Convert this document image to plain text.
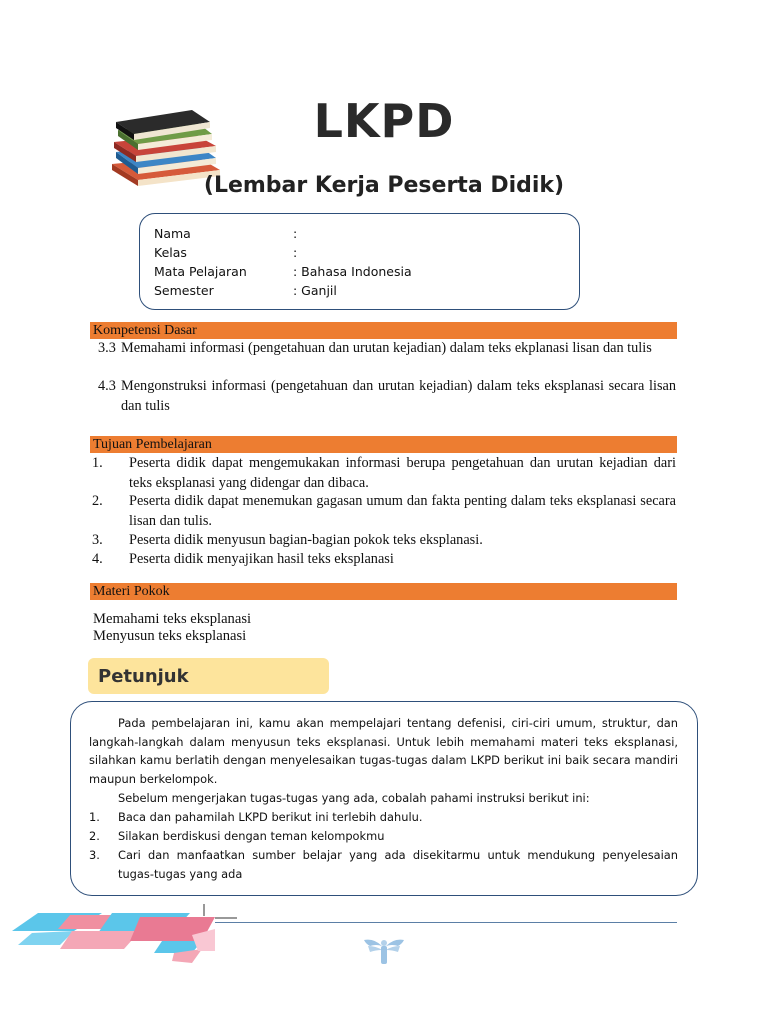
LKPD
(Lembar Kerja Peserta Didik)
Nama	:
Kelas	:
Mata Pelajaran	: Bahasa Indonesia
Semester	: Ganjil
Kompetensi Dasar
3.3 Memahami informasi (pengetahuan dan urutan kejadian) dalam teks ekplanasi lisan dan tulis
4.3 Mengonstruksi informasi (pengetahuan dan urutan kejadian) dalam teks eksplanasi secara lisan dan tulis
Tujuan Pembelajaran
1.	Peserta didik dapat mengemukakan informasi berupa pengetahuan dan urutan kejadian dari teks eksplanasi yang didengar dan dibaca.
2.	Peserta didik dapat menemukan gagasan umum dan fakta penting dalam teks eksplanasi secara lisan dan tulis.
3.	Peserta didik menyusun bagian-bagian pokok teks eksplanasi.
4.	Peserta didik menyajikan hasil teks eksplanasi
Materi Pokok
Memahami teks eksplanasi
Menyusun teks eksplanasi
Petunjuk
Pada pembelajaran ini, kamu akan mempelajari tentang defenisi, ciri-ciri umum, struktur, dan langkah-langkah dalam menyusun teks eksplanasi. Untuk lebih memahami materi teks eksplanasi, silahkan kamu berlatih dengan menyelesaikan tugas-tugas dalam LKPD berikut ini baik secara mandiri maupun berkelompok.
Sebelum mengerjakan tugas-tugas yang ada, cobalah pahami instruksi berikut ini:
1.	Baca dan pahamilah LKPD berikut ini terlebih dahulu.
2.	Silakan berdiskusi dengan teman kelompokmu
3.	Cari dan manfaatkan sumber belajar yang ada disekitarmu untuk mendukung penyelesaian tugas-tugas yang ada
